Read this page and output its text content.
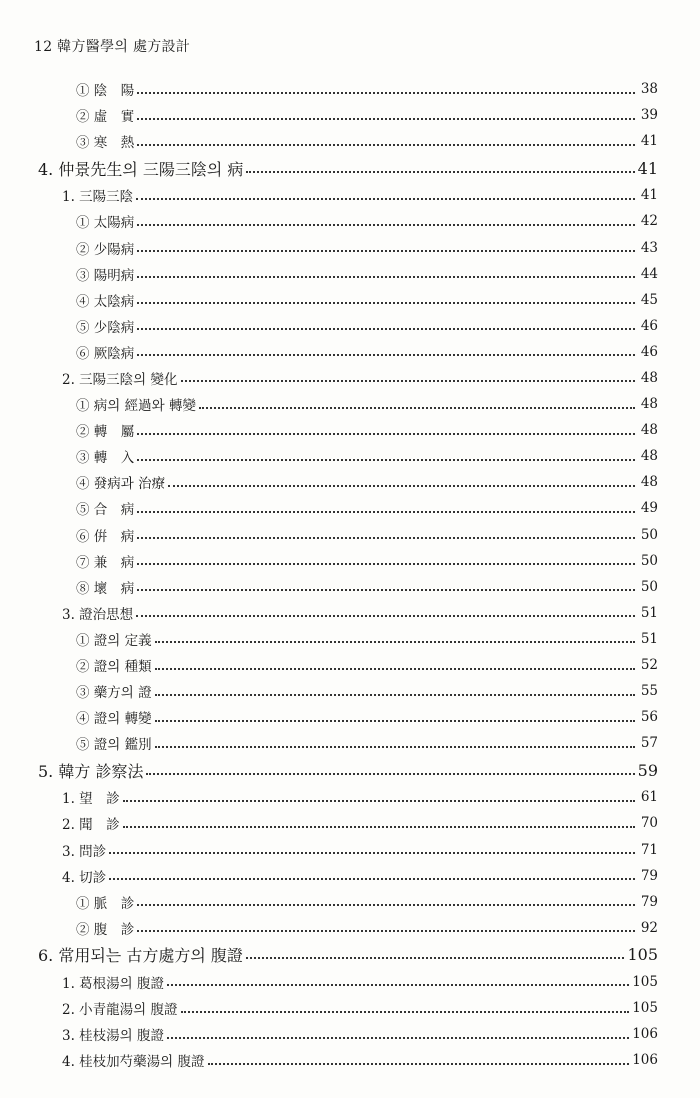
12 韓方醫學의 處方設計
① 陰　陽	38
② 虛　實	39
③ 寒　熱	41
4. 仲景先生의 三陽三陰의 病	41
1. 三陽三陰	41
① 太陽病	42
② 少陽病	43
③ 陽明病	44
④ 太陰病	45
⑤ 少陰病	46
⑥ 厥陰病	46
2. 三陽三陰의 變化	48
① 病의 經過와 轉變	48
② 轉　屬	48
③ 轉　入	48
④ 發病과 治療	48
⑤ 合　病	49
⑥ 倂　病	50
⑦ 兼　病	50
⑧ 壞　病	50
3. 證治思想	51
① 證의 定義	51
② 證의 種類	52
③ 藥方의 證	55
④ 證의 轉變	56
⑤ 證의 鑑別	57
5. 韓方 診察法	59
1. 望　診	61
2. 聞　診	70
3. 問診	71
4. 切診	79
① 脈　診	79
② 腹　診	92
6. 常用되는 古方處方의 腹證	105
1. 葛根湯의 腹證	105
2. 小青龍湯의 腹證	105
3. 桂枝湯의 腹證	106
4. 桂枝加芍藥湯의 腹證	106
